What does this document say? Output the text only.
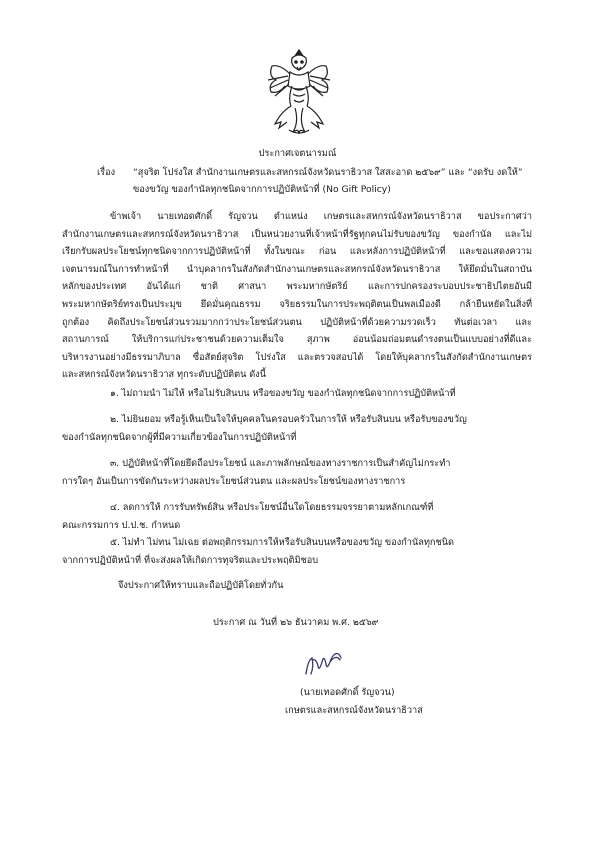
ประกาศเจตนารมณ์
เรื่อง “สุจริต โปร่งใส สำนักงานเกษตรและสหกรณ์จังหวัดนราธิวาส ใสสะอาด ๒๕๖๙” และ “งดรับ งดให้”
ของขวัญ ของกำนัลทุกชนิดจากการปฏิบัติหน้าที่ (No Gift Policy)
ข้าพเจ้า นายเทอดศักดิ์ รัญจวน ตำแหน่ง เกษตรและสหกรณ์จังหวัดนราธิวาส ขอประกาศว่า
สำนักงานเกษตรและสหกรณ์จังหวัดนราธิวาส เป็นหน่วยงานที่เจ้าหน้าที่รัฐทุกคนไม่รับของขวัญ ของกำนัล และไม่
เรียกรับผลประโยชน์ทุกชนิดจากการปฏิบัติหน้าที่ ทั้งในขณะ ก่อน และหลังการปฏิบัติหน้าที่ และขอแสดงความ
เจตนารมณ์ในการทำหน้าที่ นำบุคลากรในสังกัดสำนักงานเกษตรและสหกรณ์จังหวัดนราธิวาส ให้ยึดมั่นในสถาบัน
หลักของประเทศ อันได้แก่ ชาติ ศาสนา พระมหากษัตริย์ และการปกครองระบอบประชาธิปไตยอันมี
พระมหากษัตริย์ทรงเป็นประมุข ยึดมั่นคุณธรรม จริยธรรมในการประพฤติตนเป็นพลเมืองดี กล้ายืนหยัดในสิ่งที่
ถูกต้อง คิดถึงประโยชน์ส่วนรวมมากกว่าประโยชน์ส่วนตน ปฏิบัติหน้าที่ด้วยความรวดเร็ว ทันต่อเวลา และ
สถานการณ์ ให้บริการแก่ประชาชนด้วยความเต็มใจ สุภาพ อ่อนน้อมถ่อมตนดำรงตนเป็นแบบอย่างที่ดีและ
บริหารงานอย่างมีธรรมาภิบาล ซื่อสัตย์สุจริต โปร่งใส และตรวจสอบได้ โดยให้บุคลากรในสังกัดสำนักงานเกษตร
และสหกรณ์จังหวัดนราธิวาส ทุกระดับปฏิบัติตน ดังนี้
๑. ไม่ถามนำ ไม่ให้ หรือไม่รับสินบน หรือของขวัญ ของกำนัลทุกชนิดจากการปฏิบัติหน้าที่
๒. ไม่ยินยอม หรือรู้เห็นเป็นใจให้บุคคลในครอบครัวในการให้ หรือรับสินบน หรือรับของขวัญ
ของกำนัลทุกชนิดจากผู้ที่มีความเกี่ยวข้องในการปฏิบัติหน้าที่
๓. ปฏิบัติหน้าที่โดยยึดถือประโยชน์ และภาพลักษณ์ของทางราชการเป็นสำคัญไม่กระทำ
การใดๆ อันเป็นการขัดกันระหว่างผลประโยชน์ส่วนตน และผลประโยชน์ของทางราชการ
๔. ลดการให้ การรับทรัพย์สิน หรือประโยชน์อื่นใดโดยธรรมจรรยาตามหลักเกณฑ์ที่
คณะกรรมการ ป.ป.ช. กำหนด
๕. ไม่ทำ ไม่ทน ไม่เฉย ต่อพฤติกรรมการให้หรือรับสินบนหรือของขวัญ ของกำนัลทุกชนิด
จากการปฏิบัติหน้าที่ ที่จะส่งผลให้เกิดการทุจริตและประพฤติมิชอบ
จึงประกาศให้ทราบและถือปฏิบัติโดยทั่วกัน
ประกาศ ณ วันที่ ๒๖ ธันวาคม พ.ศ. ๒๕๖๙
(นายเทอดศักดิ์ รัญจวน)
เกษตรและสหกรณ์จังหวัดนราธิวาส
